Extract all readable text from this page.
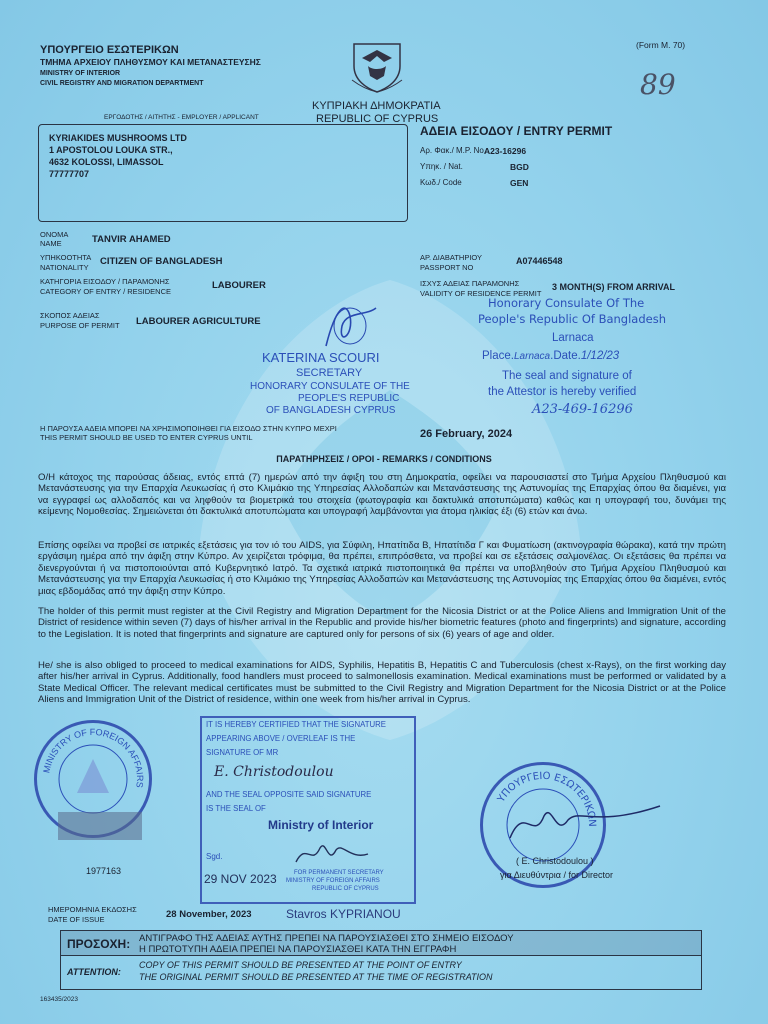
ΥΠΟΥΡΓΕΙΟ ΕΣΩΤΕΡΙΚΩΝ
ΤΜΗΜΑ ΑΡΧΕΙΟΥ ΠΛΗΘΥΣΜΟΥ ΚΑΙ ΜΕΤΑΝΑΣΤΕΥΣΗΣ
MINISTRY OF INTERIOR
CIVIL REGISTRY AND MIGRATION DEPARTMENT
(Form M. 70)
89
ΚΥΠΡΙΑΚΗ ΔΗΜΟΚΡΑΤΙΑ
REPUBLIC OF CYPRUS
ΕΡΓΟΔΟΤΗΣ / ΑΙΤΗΤΗΣ - EMPLOYER / APPLICANT
KYRIAKIDES MUSHROOMS LTD
1 APOSTOLOU LOUKA STR.,
4632 KOLOSSI, LIMASSOL
77777707
ΑΔΕΙΑ ΕΙΣΟΔΟΥ / ENTRY PERMIT
Αρ. Φακ./ M.P. No.
A23-16296
Υπηκ. / Nat.	BGD
Κωδ./ Code	GEN
ΟΝΟΜΑ
NAME	TANVIR AHAMED
ΥΠΗΚΟΟΤΗΤΑ
NATIONALITY
CITIZEN OF BANGLADESH
ΚΑΤΗΓΟΡΙΑ ΕΙΣΟΔΟΥ / ΠΑΡΑΜΟΝΗΣ
CATEGORY OF ENTRY / RESIDENCE
LABOURER
ΣΚΟΠΟΣ ΑΔΕΙΑΣ
PURPOSE OF PERMIT LABOURER AGRICULTURE
ΑΡ. ΔΙΑΒΑΤΗΡΙΟΥ
PASSPORT NO
A07446548
ΙΣΧΥΣ ΑΔΕΙΑΣ ΠΑΡΑΜΟΝΗΣ
VALIDITY OF RESIDENCE PERMIT
3 MONTH(S) FROM ARRIVAL
KATERINA SCOURI
SECRETARY
HONORARY CONSULATE OF THE
PEOPLE'S REPUBLIC
OF BANGLADESH CYPRUS
Honorary Consulate Of The
People's Republic Of Bangladesh
Larnaca
Place.Larnaca.Date.1/12/23
The seal and signature of
the Attestor is hereby verified
A23-469-16296
Η ΠΑΡΟΥΣΑ ΑΔΕΙΑ ΜΠΟΡΕΙ ΝΑ ΧΡΗΣΙΜΟΠΟΙΗΘΕΙ ΓΙΑ ΕΙΣΟΔΟ ΣΤΗΝ ΚΥΠΡΟ ΜΕΧΡΙ
THIS PERMIT SHOULD BE USED TO ENTER CYPRUS UNTIL	26 February, 2024
ΠΑΡΑΤΗΡΗΣΕΙΣ / ΟΡΟΙ - REMARKS / CONDITIONS
Ο/Η κάτοχος της παρούσας άδειας, εντός επτά (7) ημερών από την άφιξη του στη Δημοκρατία, οφείλει να παρουσιαστεί στο Τμήμα Αρχείου Πληθυσμού και Μετανάστευσης για την Επαρχία Λευκωσίας ή στο Κλιμάκιο της Υπηρεσίας Αλλοδαπών και Μετανάστευσης της Αστυνομίας της Επαρχίας όπου θα διαμένει, για να εγγραφεί ως αλλοδαπός και να ληφθούν τα βιομετρικά του στοιχεία (φωτογραφία και δακτυλικά αποτυπώματα) καθώς και η υπογραφή του, δυνάμει της κείμενης Νομοθεσίας. Σημειώνεται ότι δακτυλικά αποτυπώματα και υπογραφή λαμβάνονται για άτομα ηλικίας έξι (6) ετών και άνω.
Επίσης οφείλει να προβεί σε ιατρικές εξετάσεις για τον ιό του AIDS, για Σύφιλη, Ηπατίτιδα Β, Ηπατίτιδα Γ και Φυματίωση (ακτινογραφία θώρακα), κατά την πρώτη εργάσιμη ημέρα από την άφιξη στην Κύπρο. Αν χειρίζεται τρόφιμα, θα πρέπει, επιπρόσθετα, να προβεί και σε εξετάσεις σαλμονέλας. Οι εξετάσεις θα πρέπει να διενεργούνται ή να πιστοποιούνται από Κυβερνητικό Ιατρό. Τα σχετικά ιατρικά πιστοποιητικά θα πρέπει να υποβληθούν στο Τμήμα Αρχείου Πληθυσμού και Μετανάστευσης για την Επαρχία Λευκωσίας ή στο Κλιμάκιο της Υπηρεσίας Αλλοδαπών και Μετανάστευσης της Αστυνομίας της Επαρχίας όπου θα διαμένει, εντός μιας εβδομάδας από την άφιξη στην Κύπρο.
The holder of this permit must register at the Civil Registry and Migration Department for the Nicosia District or at the Police Aliens and Immigration Unit of the District of residence within seven (7) days of his/her arrival in the Republic and provide his/her biometric features (photo and fingerprints) and signature, according to the Legislation. It is noted that fingerprints and signature are captured only for persons of six (6) years of age and older.
He/ she is also obliged to proceed to medical examinations for AIDS, Syphilis, Hepatitis B, Hepatitis C and Tuberculosis (chest x-Rays), on the first working day after his/her arrival in Cyprus. Additionally, food handlers must proceed to salmonellosis examination. Medical examinations must be performed or validated by a State Medical Officer. The relevant medical certificates must be submitted to the Civil Registry and Migration Department for the Nicosia District or at the Police Aliens and Immigration Unit of the District of residence, within one week from his/her arrival in Cyprus.
MINISTRY OF FOREIGN AFFAIRS
1977163
IT IS HEREBY CERTIFIED THAT THE SIGNATURE
APPEARING ABOVE / OVERLEAF IS THE
SIGNATURE OF MR
E. Christodoulou
AND THE SEAL OPPOSITE SAID SIGNATURE
IS THE SEAL OF
Ministry of Interior
Sgd.
29 NOV 2023	FOR PERMANENT SECRETARY
MINISTRY OF FOREIGN AFFAIRS
REPUBLIC OF CYPRUS
ΥΠΟΥΡΓΕΙΟ ΕΣΩΤΕΡΙΚΩΝ
( E. Christodoulou )
για Διευθύντρια / for Director
ΗΜΕΡΟΜΗΝΙΑ ΕΚΔΟΣΗΣ
DATE OF ISSUE	28 November, 2023	Stavros KYPRIANOU
ΠΡΟΣΟΧΗ: ΑΝΤΙΓΡΑΦΟ ΤΗΣ ΑΔΕΙΑΣ ΑΥΤΗΣ ΠΡΕΠΕΙ ΝΑ ΠΑΡΟΥΣΙΑΣΘΕΙ ΣΤΟ ΣΗΜΕΙΟ ΕΙΣΟΔΟΥ
Η ΠΡΩΤΟΤΥΠΗ ΑΔΕΙΑ ΠΡΕΠΕΙ ΝΑ ΠΑΡΟΥΣΙΑΣΘΕΙ ΚΑΤΑ ΤΗΝ ΕΓΓΡΑΦΗ
ATTENTION:
COPY OF THIS PERMIT SHOULD BE PRESENTED AT THE POINT OF ENTRY
THE ORIGINAL PERMIT SHOULD BE PRESENTED AT THE TIME OF REGISTRATION
163435/2023
